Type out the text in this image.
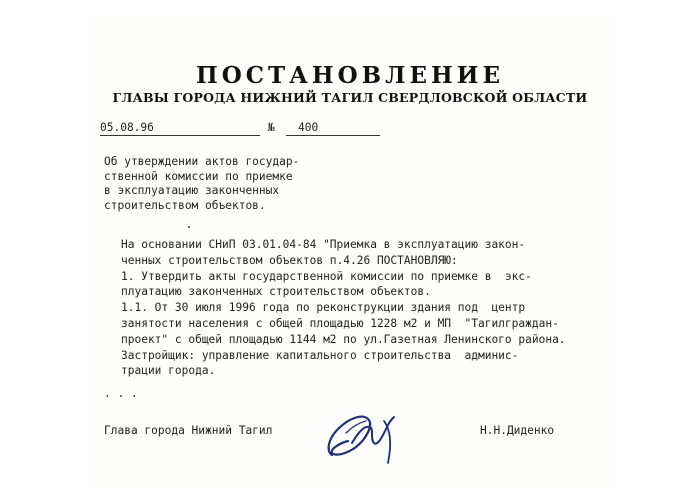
ПОСТАНОВЛЕНИЕ
ГЛАВЫ ГОРОДА НИЖНИЙ ТАГИЛ СВЕРДЛОВСКОЙ ОБЛАСТИ
05.08.96	№ 400
Об утверждении актов государ-
ственной комиссии по приемке
в эксплуатацию законченных
строительством объектов.
На основании СНиП 03.01.04-84 "Приемка в эксплуатацию закон-
ченных строительством объектов п.4.26 ПОСТАНОВЛЯЮ:
1. Утвердить акты государственной комиссии по приемке в  экс-
плуатацию законченных строительством объектов.
1.1. От 30 июля 1996 года по реконструкции здания под  центр
занятости населения с общей площадью 1228 м2 и МП  "Тагилграждан-
проект" с общей площадью 1144 м2 по ул.Газетная Ленинского района.
Застройщик: управление капитального строительства  админис-
трации города.
. . .
Глава города Нижний Тагил	Н.Н.Диденко
